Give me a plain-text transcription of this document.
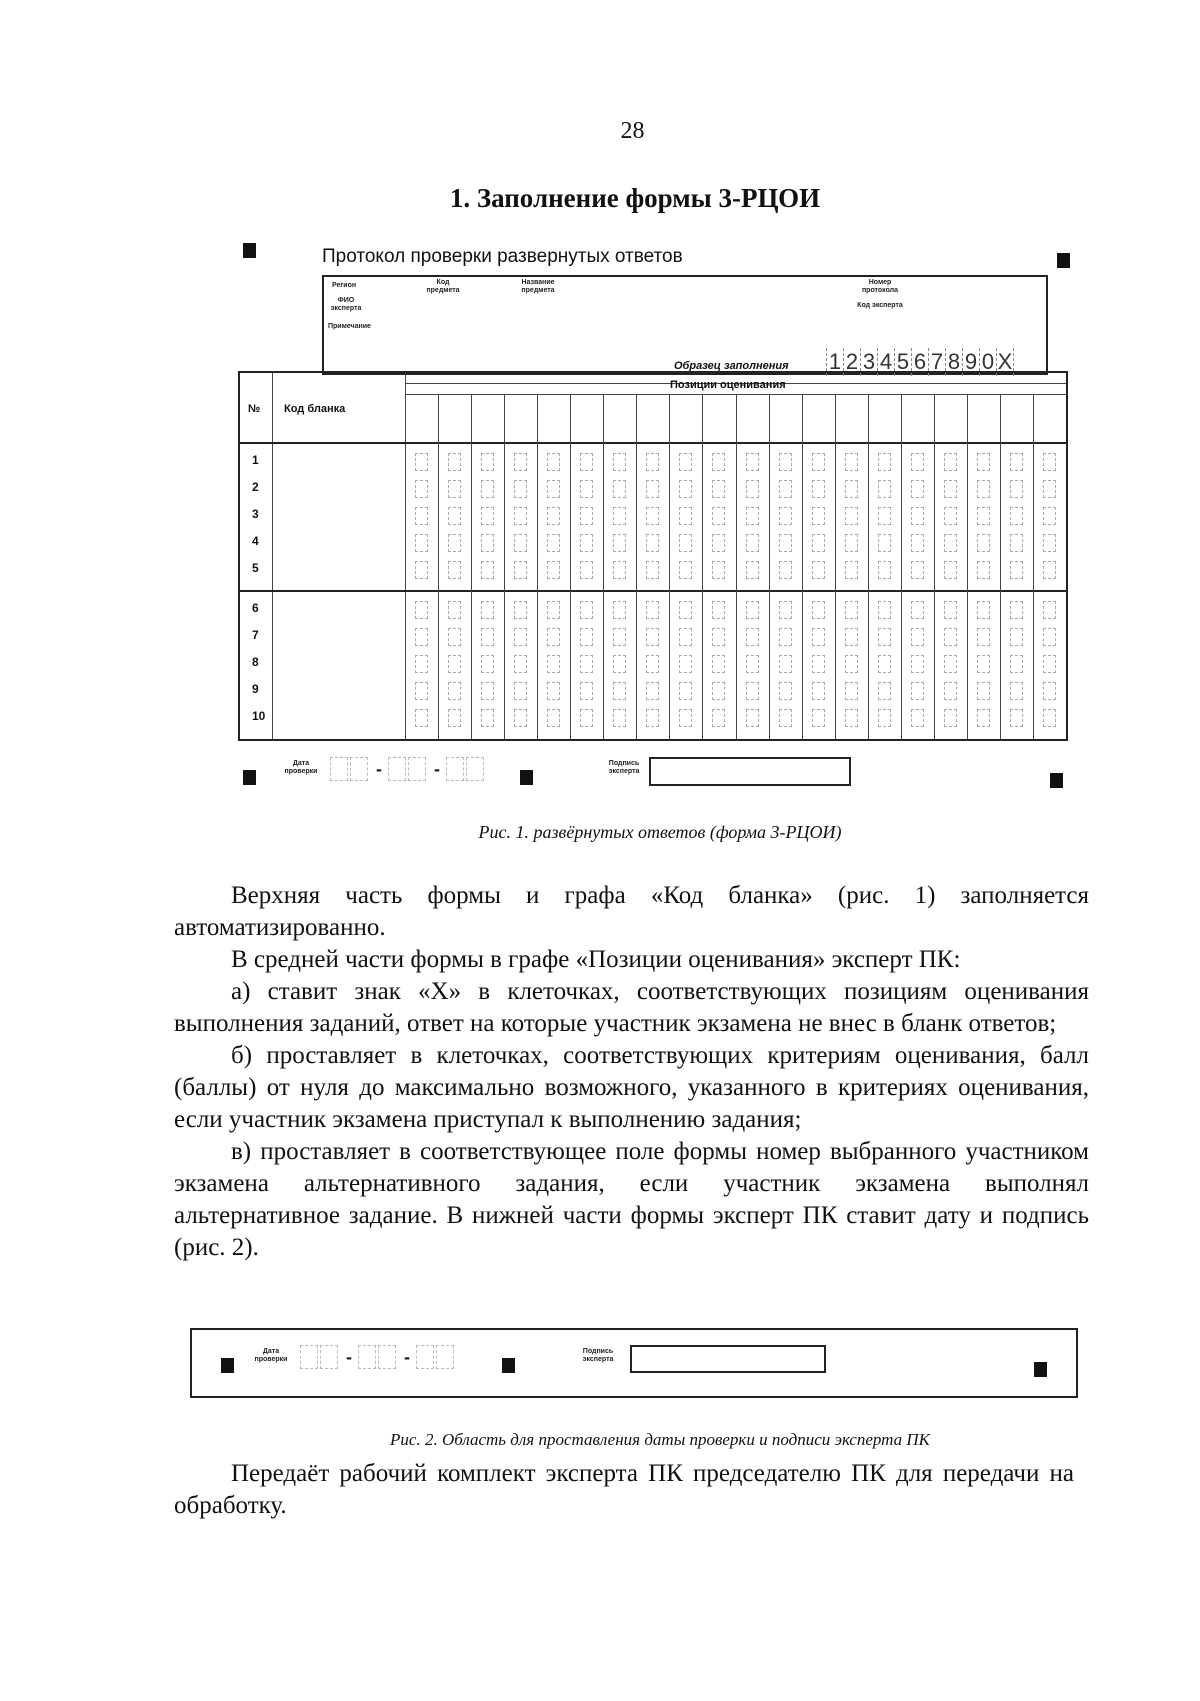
28
1. Заполнение формы 3-РЦОИ
Протокол проверки развернутых ответов
Регион	Код предмета
Название предмета
Номер протокола
ФИО эксперта	Код эксперта
Примечание
Образец заполнения 1 2 3 4 5 6 7 8 9 0 X
№ Код бланка
Позиции оценивания
1
2
3
4
5
6
7
8
9
10
Дата проверки	-	-	Подпись эксперта
Рис. 1. развёрнутых ответов (форма 3-РЦОИ)

Верхняя часть формы и графа «Код бланка» (рис. 1) заполняется автоматизированно.

В средней части формы в графе «Позиции оценивания» эксперт ПК:

а) ставит знак «X» в клеточках, соответствующих позициям оценивания выполнения заданий, ответ на которые участник экзамена не внес в бланк ответов;

б) проставляет в клеточках, соответствующих критериям оценивания, балл (баллы) от нуля до максимально возможного, указанного в критериях оценивания, если участник экзамена приступал к выполнению задания;

в) проставляет в соответствующее поле формы номер выбранного участником экзамена альтернативного задания, если участник экзамена выполнял альтернативное задание. В нижней части формы эксперт ПК ставит дату и подпись (рис. 2).

Дата проверки	-	-	Подпись эксперта
Рис. 2. Область для проставления даты проверки и подписи эксперта ПК

Передаёт рабочий комплект эксперта ПК председателю ПК для передачи на обработку.
